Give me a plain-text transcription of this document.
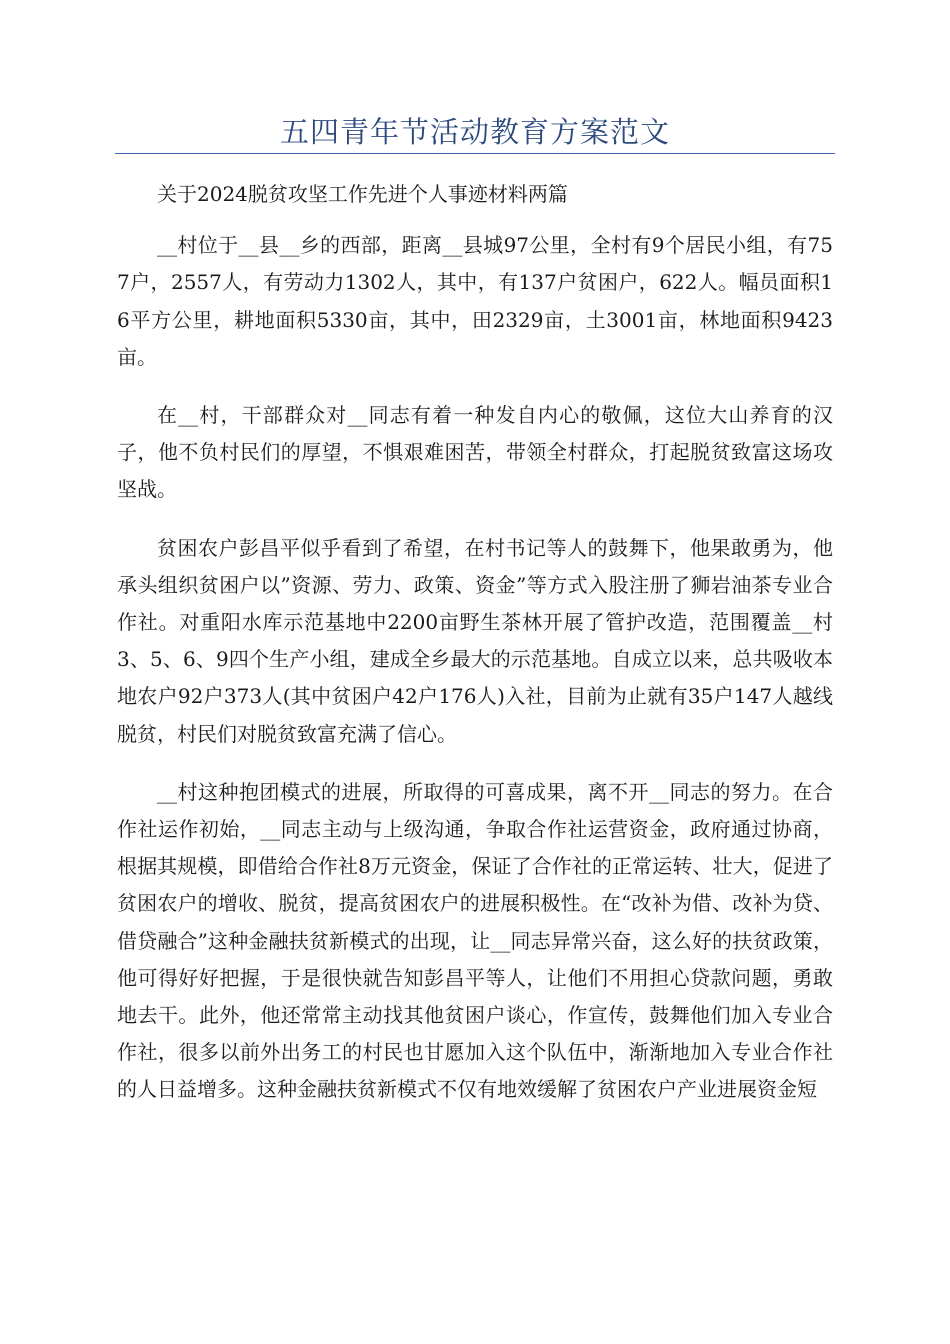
五四青年节活动教育方案范文

关于2024脱贫攻坚工作先进个人事迹材料两篇

__村位于__县__乡的西部，距离__县城97公里，全村有9个居民小组，有757户，2557人，有劳动力1302人，其中，有137户贫困户，622人。幅员面积16平方公里，耕地面积5330亩，其中，田2329亩，土3001亩，林地面积9423亩。

在__村，干部群众对__同志有着一种发自内心的敬佩，这位大山养育的汉子，他不负村民们的厚望，不惧艰难困苦，带领全村群众，打起脱贫致富这场攻坚战。

贫困农户彭昌平似乎看到了希望，在村书记等人的鼓舞下，他果敢勇为，他承头组织贫困户以”资源、劳力、政策、资金”等方式入股注册了狮岩油茶专业合作社。对重阳水库示范基地中2200亩野生茶林开展了管护改造，范围覆盖__村3、5、6、9四个生产小组，建成全乡最大的示范基地。自成立以来，总共吸收本地农户92户373人(其中贫困户42户176人)入社，目前为止就有35户147人越线脱贫，村民们对脱贫致富充满了信心。

__村这种抱团模式的进展，所取得的可喜成果，离不开__同志的努力。在合作社运作初始，__同志主动与上级沟通，争取合作社运营资金，政府通过协商，根据其规模，即借给合作社8万元资金，保证了合作社的正常运转、壮大，促进了贫困农户的增收、脱贫，提高贫困农户的进展积极性。在“改补为借、改补为贷、借贷融合”这种金融扶贫新模式的出现，让__同志异常兴奋，这么好的扶贫政策，他可得好好把握，于是很快就告知彭昌平等人，让他们不用担心贷款问题，勇敢地去干。此外，他还常常主动找其他贫困户谈心，作宣传，鼓舞他们加入专业合作社，很多以前外出务工的村民也甘愿加入这个队伍中，渐渐地加入专业合作社的人日益增多。这种金融扶贫新模式不仅有地效缓解了贫困农户产业进展资金短
